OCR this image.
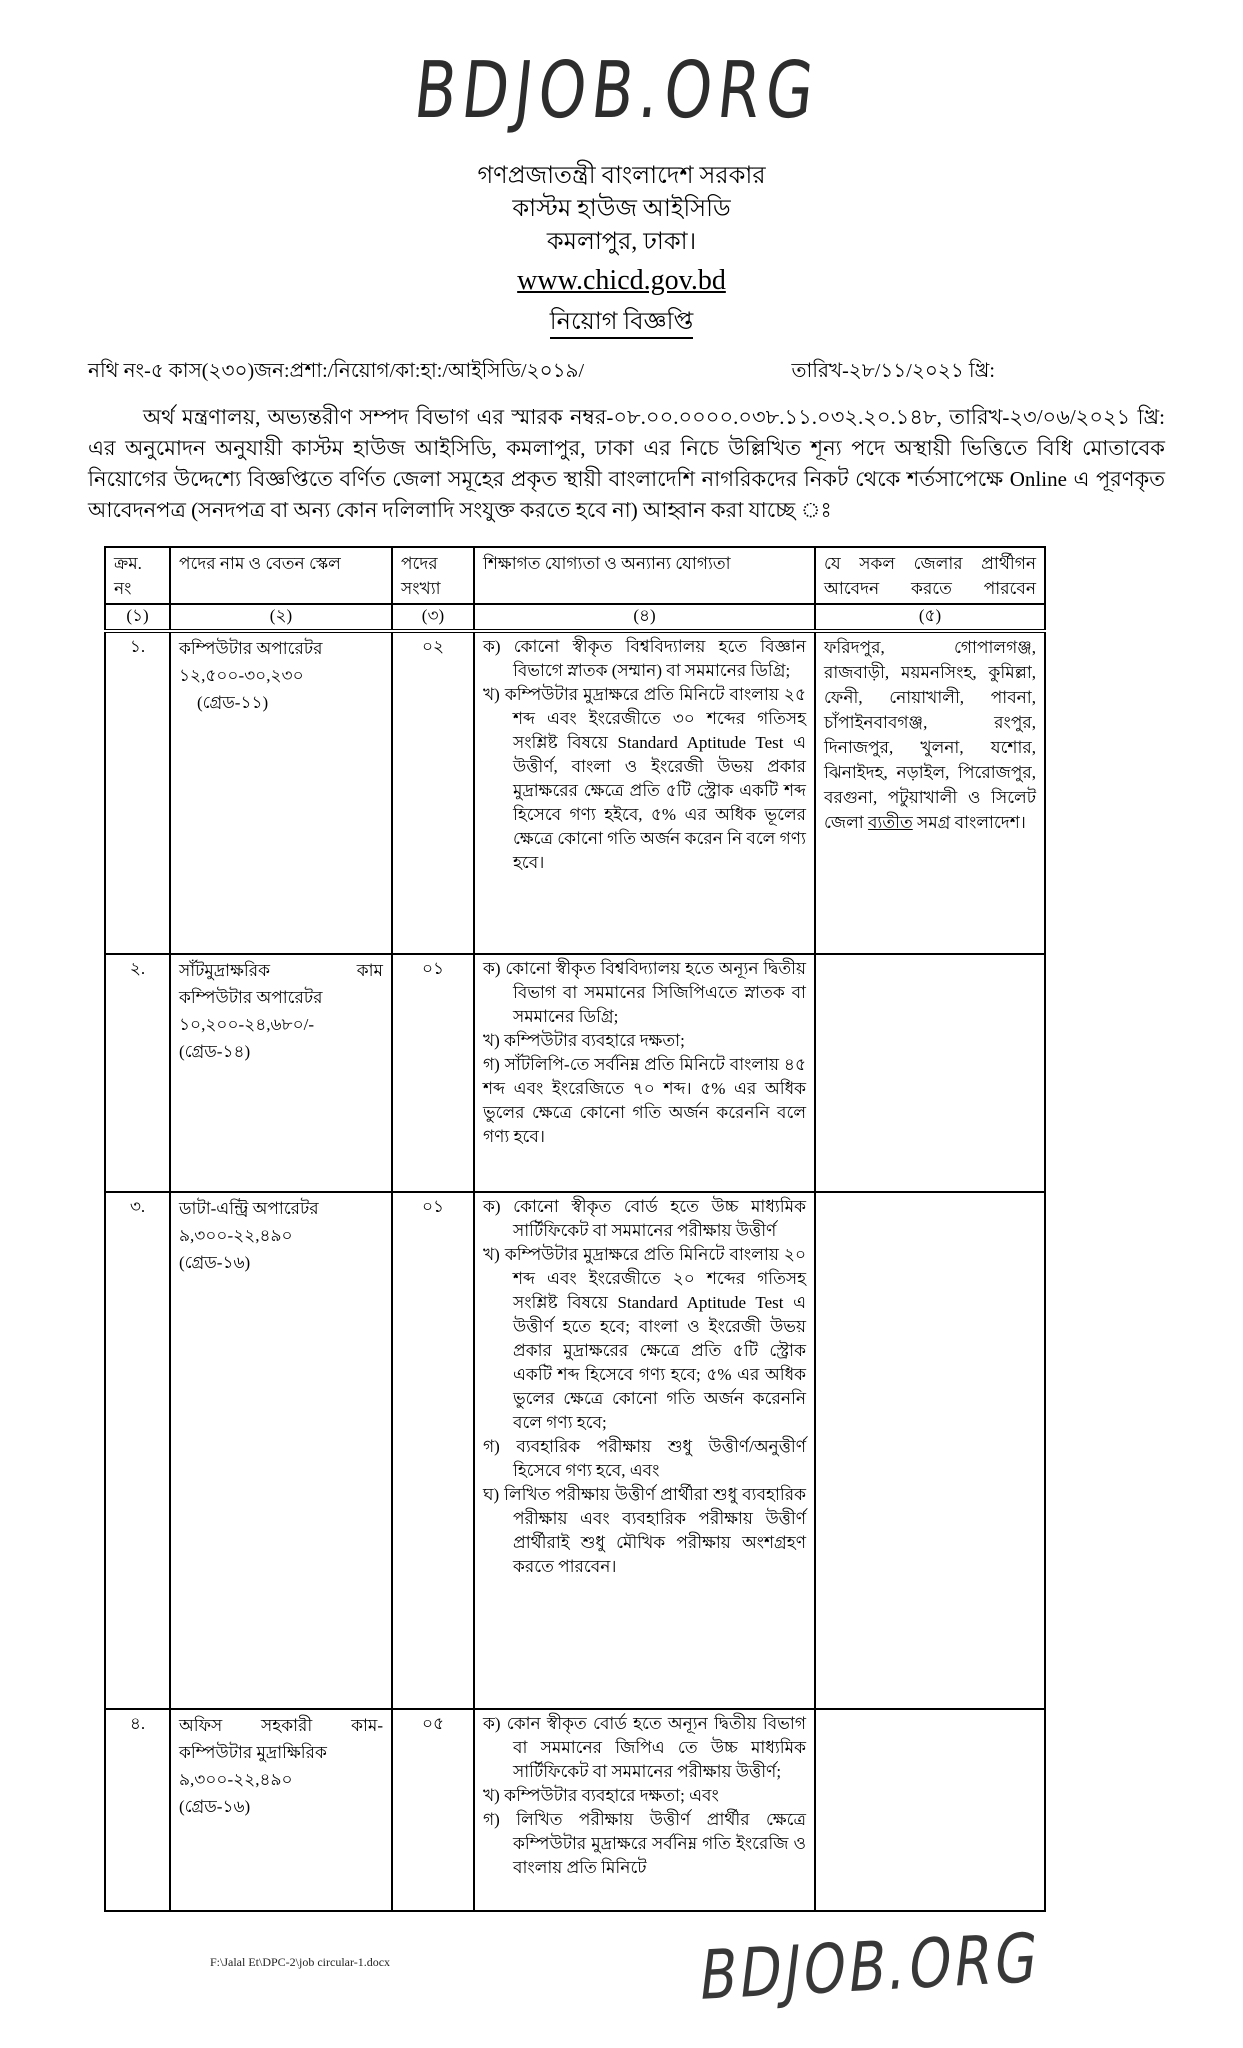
BDJOB.ORG
গণপ্রজাতন্ত্রী বাংলাদেশ সরকার
কাস্টম হাউজ আইসিডি
কমলাপুর, ঢাকা।
www.chicd.gov.bd
নিয়োগ বিজ্ঞপ্তি
নথি নং-৫ কাস(২৩০)জন:প্রশা:/নিয়োগ/কা:হা:/আইসিডি/২০১৯/	তারিখ-২৮/১১/২০২১ খ্রি:

অর্থ মন্ত্রণালয়, অভ্যন্তরীণ সম্পদ বিভাগ এর স্মারক নম্বর-০৮.০০.০০০০.০৩৮.১১.০৩২.২০.১৪৮, তারিখ-২৩/০৬/২০২১ খ্রি: এর অনুমোদন অনুযায়ী কাস্টম হাউজ আইসিডি, কমলাপুর, ঢাকা এর নিচে উল্লিখিত শূন্য পদে অস্থায়ী ভিত্তিতে বিধি মোতাবেক নিয়োগের উদ্দেশ্যে বিজ্ঞপ্তিতে বর্ণিত জেলা সমূহের প্রকৃত স্থায়ী বাংলাদেশি নাগরিকদের নিকট থেকে শর্তসাপেক্ষে Online এ পূরণকৃত আবেদনপত্র (সনদপত্র বা অন্য কোন দলিলাদি সংযুক্ত করতে হবে না) আহ্বান করা যাচ্ছে ঃ

ক্রম. নং	পদের নাম ও বেতন স্কেল	পদের সংখ্যা	শিক্ষাগত যোগ্যতা ও অন্যান্য যোগ্যতা	যে সকল জেলার প্রার্থীগন আবেদন করতে পারবেন
(১)	(২)	(৩)	(৪)	(৫)
১.	কম্পিউটার অপারেটর
১২,৫০০-৩০,২৩০
(গ্রেড-১১)
	০২	ক) কোনো স্বীকৃত বিশ্ববিদ্যালয় হতে বিজ্ঞান বিভাগে স্নাতক (সম্মান) বা সমমানের ডিগ্রি;
খ) কম্পিউটার মুদ্রাক্ষরে প্রতি মিনিটে বাংলায় ২৫ শব্দ এবং ইংরেজীতে ৩০ শব্দের গতিসহ সংশ্লিষ্ট বিষয়ে Standard Aptitude Test এ উত্তীর্ণ, বাংলা ও ইংরেজী উভয় প্রকার মুদ্রাক্ষরের ক্ষেত্রে প্রতি ৫টি স্ট্রোক একটি শব্দ হিসেবে গণ্য হইবে, ৫% এর অধিক ভূলের ক্ষেত্রে কোনো গতি অর্জন করেন নি বলে গণ্য হবে।
	ফরিদপুর, গোপালগঞ্জ, রাজবাড়ী, ময়মনসিংহ, কুমিল্লা, ফেনী, নোয়াখালী, পাবনা, চাঁপাইনবাবগঞ্জ, রংপুর, দিনাজপুর, খুলনা, যশোর, ঝিনাইদহ, নড়াইল, পিরোজপুর, বরগুনা, পটুয়াখালী ও সিলেট জেলা ব্যতীত সমগ্র বাংলাদেশ।
২.	সাঁটমুদ্রাক্ষরিক কাম
কম্পিউটার অপারেটর
১০,২০০-২৪,৬৮০/-
(গ্রেড-১৪)
	০১	ক) কোনো স্বীকৃত বিশ্ববিদ্যালয় হতে অন্যূন দ্বিতীয় বিভাগ বা সমমানের সিজিপিএতে স্নাতক বা সমমানের ডিগ্রি;
খ) কম্পিউটার ব্যবহারে দক্ষতা;
গ) সাঁটলিপি-তে সর্বনিম্ন প্রতি মিনিটে বাংলায় ৪৫ শব্দ এবং ইংরেজিতে ৭০ শব্দ। ৫% এর অধিক ভুলের ক্ষেত্রে কোনো গতি অর্জন করেননি বলে গণ্য হবে।

৩.	ডাটা-এন্ট্রি অপারেটর
৯,৩০০-২২,৪৯০
(গ্রেড-১৬)
	০১	ক) কোনো স্বীকৃত বোর্ড হতে উচ্চ মাধ্যমিক সার্টিফিকেট বা সমমানের পরীক্ষায় উত্তীর্ণ
খ) কম্পিউটার মুদ্রাক্ষরে প্রতি মিনিটে বাংলায় ২০ শব্দ এবং ইংরেজীতে ২০ শব্দের গতিসহ সংশ্লিষ্ট বিষয়ে Standard Aptitude Test এ উত্তীর্ণ হতে হবে; বাংলা ও ইংরেজী উভয় প্রকার মুদ্রাক্ষরের ক্ষেত্রে প্রতি ৫টি স্ট্রোক একটি শব্দ হিসেবে গণ্য হবে; ৫% এর অধিক ভুলের ক্ষেত্রে কোনো গতি অর্জন করেননি বলে গণ্য হবে;
গ) ব্যবহারিক পরীক্ষায় শুধু উত্তীর্ণ/অনুত্তীর্ণ হিসেবে গণ্য হবে, এবং
ঘ) লিখিত পরীক্ষায় উত্তীর্ণ প্রার্থীরা শুধু ব্যবহারিক পরীক্ষায় এবং ব্যবহারিক পরীক্ষায় উত্তীর্ণ প্রার্থীরাই শুধু মৌখিক পরীক্ষায় অংশগ্রহণ করতে পারবেন।

৪.	অফিস সহকারী কাম-
কম্পিউটার মুদ্রাক্ষিরিক
৯,৩০০-২২,৪৯০
(গ্রেড-১৬)
	০৫	ক) কোন স্বীকৃত বোর্ড হতে অন্যূন দ্বিতীয় বিভাগ বা সমমানের জিপিএ তে উচ্চ মাধ্যমিক সার্টিফিকেট বা সমমানের পরীক্ষায় উত্তীর্ণ;
খ) কম্পিউটার ব্যবহারে দক্ষতা; এবং
গ) লিখিত পরীক্ষায় উত্তীর্ণ প্রার্থীর ক্ষেত্রে কম্পিউটার মুদ্রাক্ষরে সর্বনিম্ন গতি ইংরেজি ও বাংলায় প্রতি মিনিটে

F:\Jalal Et\DPC-2\job circular-1.docx	BDJOB.ORG
